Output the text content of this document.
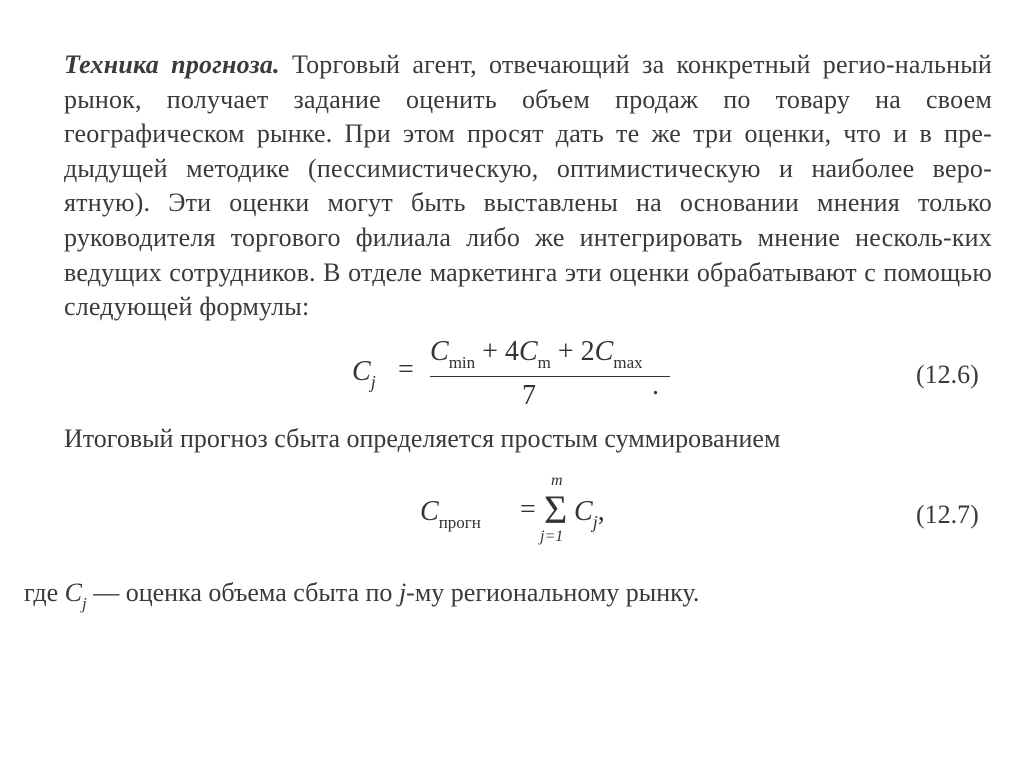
Техника прогноза. Торговый агент, отвечающий за конкретный регио-нальный рынок, получает задание оценить объем продаж по товару на своем географическом рынке. При этом просят дать те же три оценки, что и в пре-дыдущей методике (пессимистическую, оптимистическую и наиболее веро-ятную). Эти оценки могут быть выставлены на основании мнения только руководителя торгового филиала либо же интегрировать мнение несколь-ких ведущих сотрудников. В отделе маркетинга эти оценки обрабатывают с помощью следующей формулы:
$C_j$ =
$C_{min} + 4C_m + 2C_{max}$
7	.	(12.6)
Итоговый прогноз сбыта определяется простым суммированием
$C_{прогн}$ =
m
Σ
j=1
$C_j$,	(12.7)
где $C_j$ — оценка объема сбыта по j-му региональному рынку.
